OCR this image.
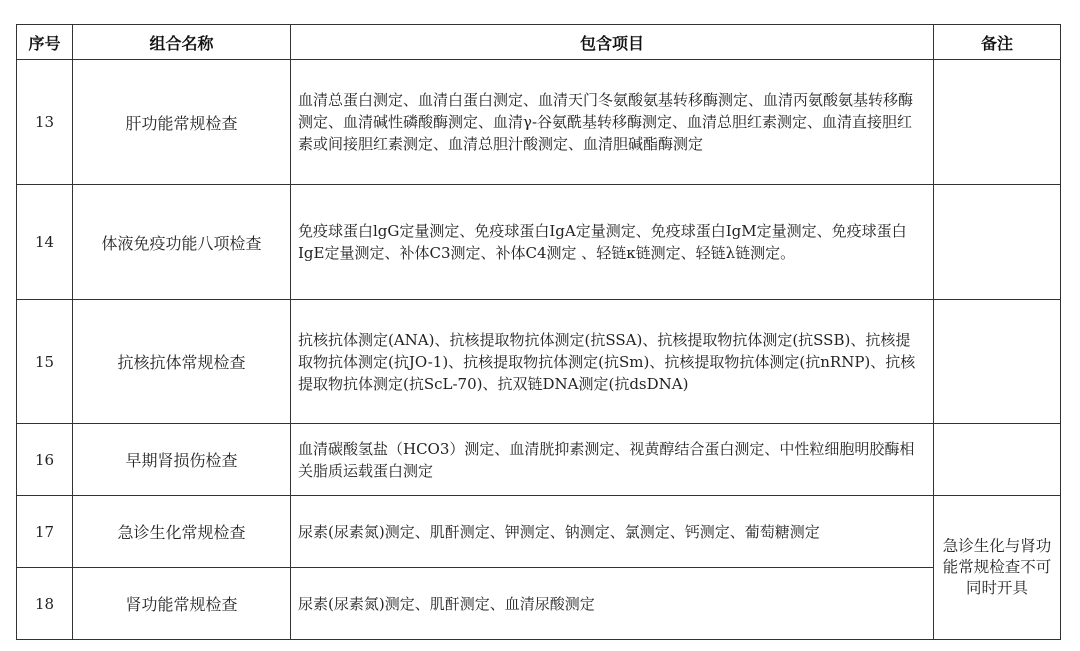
序号	组合名称	包含项目	备注
13	肝功能常规检查	血清总蛋白测定、血清白蛋白测定、血清天门冬氨酸氨基转移酶测定、血清丙氨酸氨基转移酶测定、血清碱性磷酸酶测定、血清γ-谷氨酰基转移酶测定、血清总胆红素测定、血清直接胆红素或间接胆红素测定、血清总胆汁酸测定、血清胆碱酯酶测定	
14	体液免疫功能八项检查	免疫球蛋白lgG定量测定、免疫球蛋白IgA定量测定、免疫球蛋白IgM定量测定、免疫球蛋白IgE定量测定、补体C3测定、补体C4测定 、轻链κ链测定、轻链λ链测定。	
15	抗核抗体常规检查	抗核抗体测定(ANA)、抗核提取物抗体测定(抗SSA)、抗核提取物抗体测定(抗SSB)、抗核提取物抗体测定(抗JO-1)、抗核提取物抗体测定(抗Sm)、抗核提取物抗体测定(抗nRNP)、抗核提取物抗体测定(抗ScL-70)、抗双链DNA测定(抗dsDNA)	
16	早期肾损伤检查	血清碳酸氢盐（HCO3）测定、血清胱抑素测定、视黄醇结合蛋白测定、中性粒细胞明胶酶相关脂质运载蛋白测定	
17	急诊生化常规检查	尿素(尿素氮)测定、肌酐测定、钾测定、钠测定、氯测定、钙测定、葡萄糖测定	急诊生化与肾功能常规检查不可同时开具
18	肾功能常规检查	尿素(尿素氮)测定、肌酐测定、血清尿酸测定	
